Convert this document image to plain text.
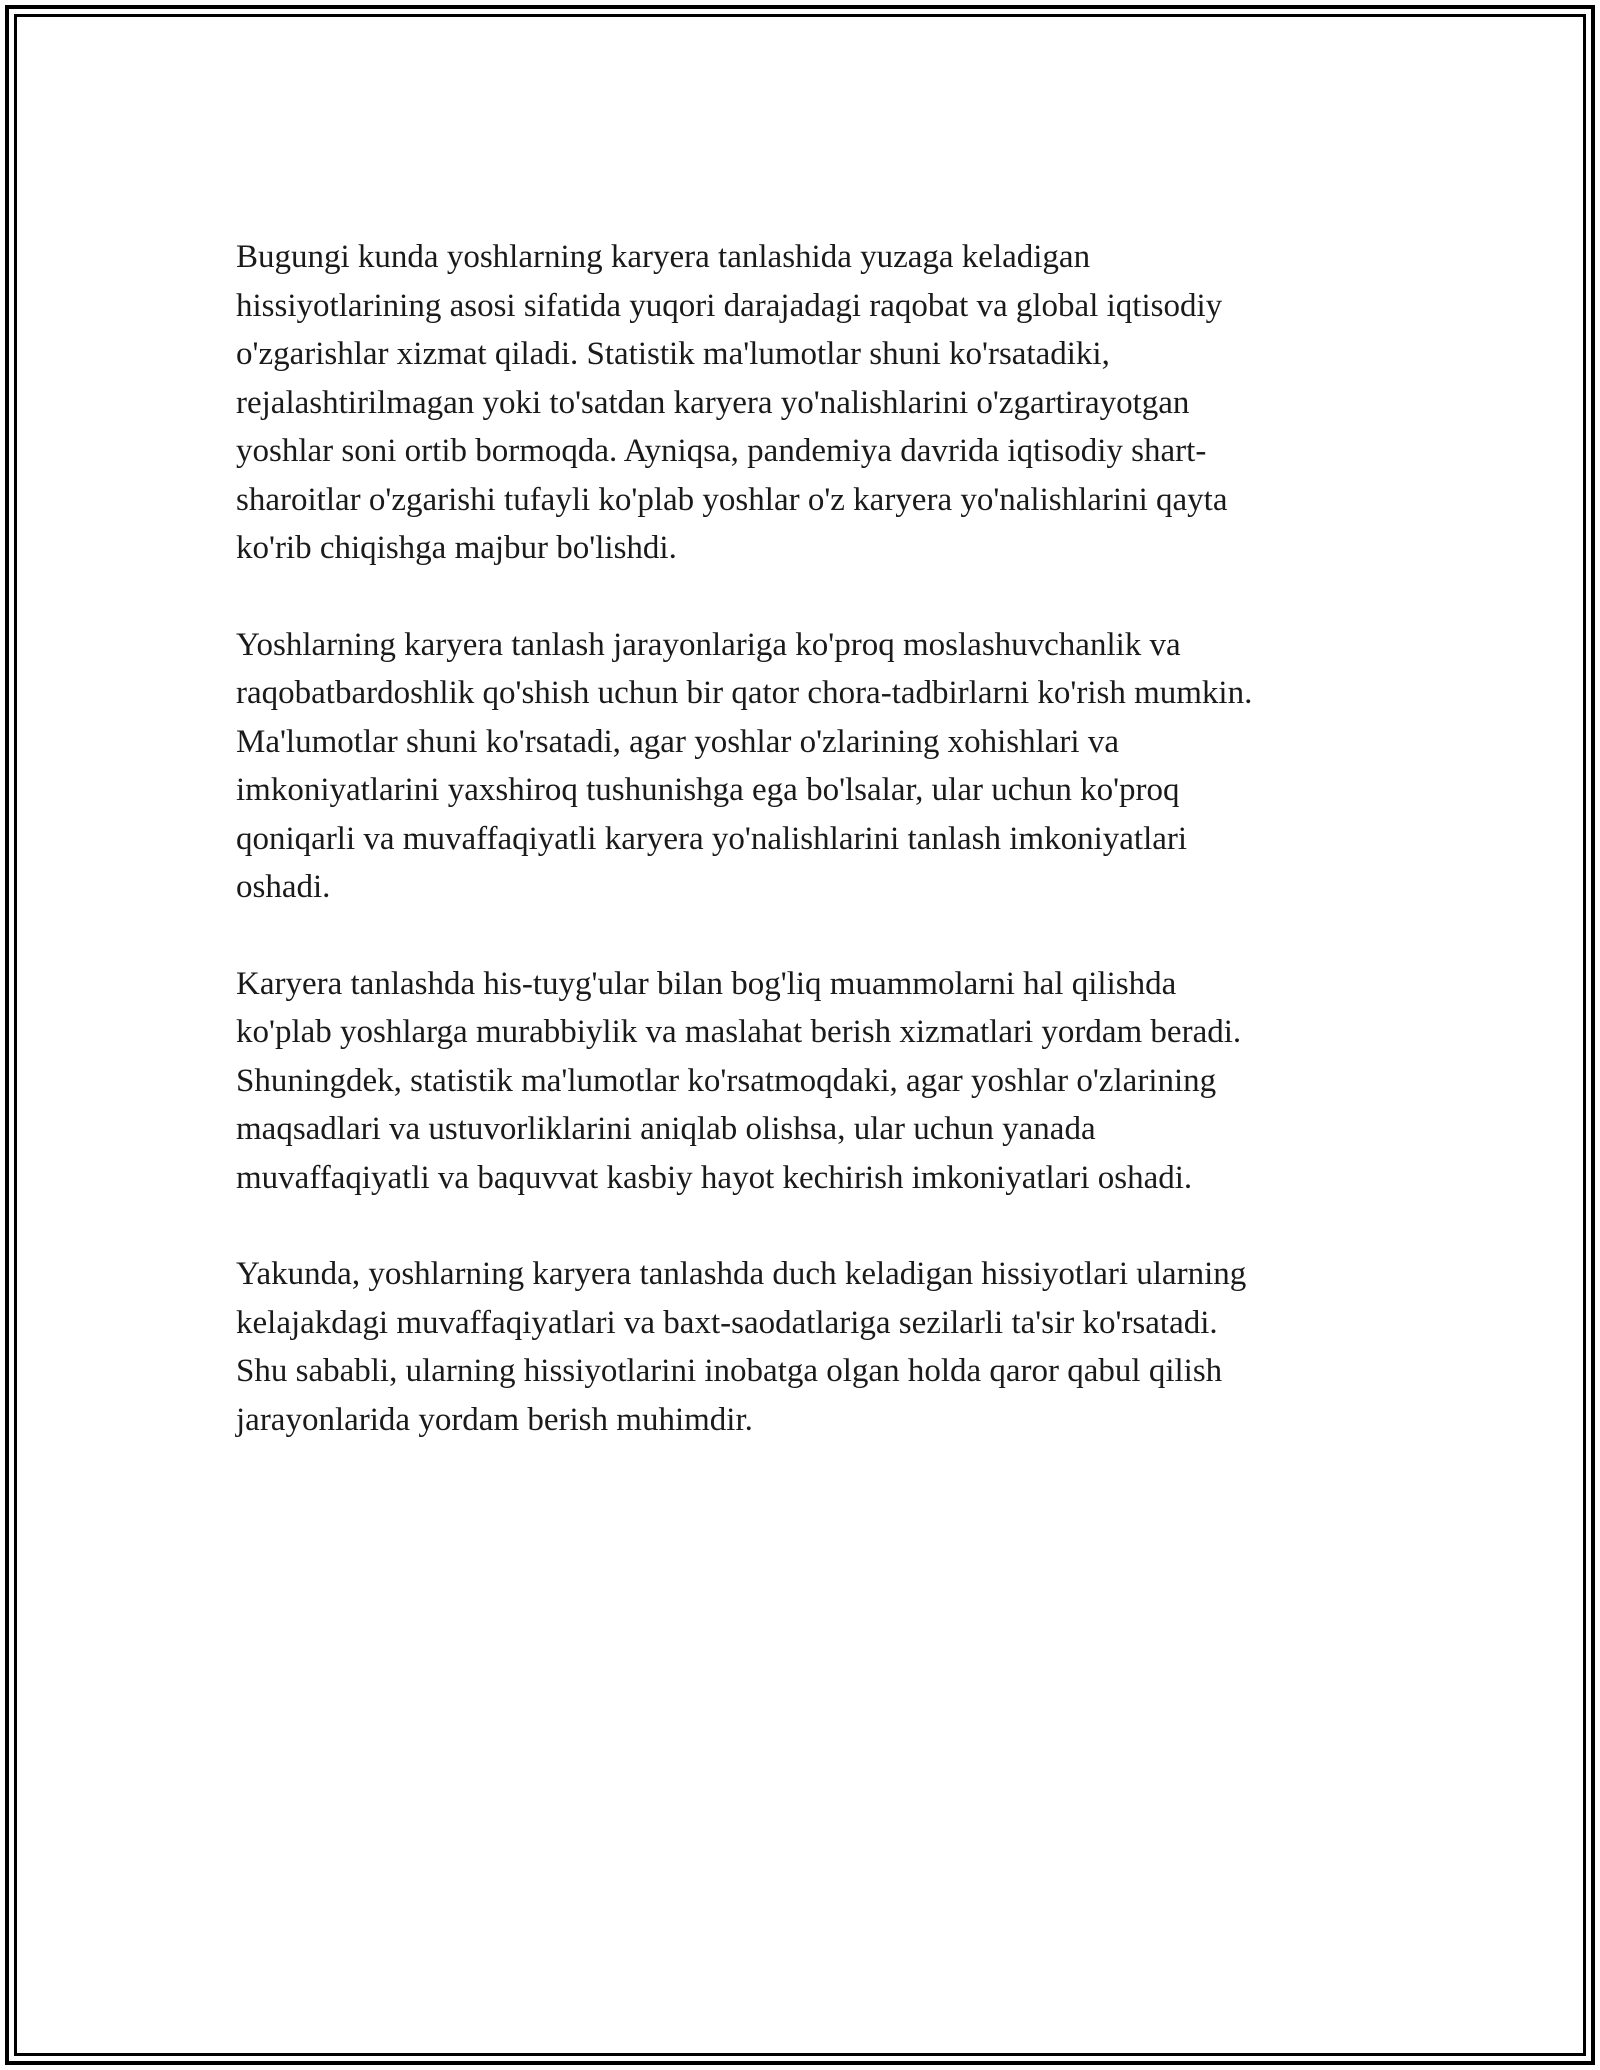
Bugungi kunda yoshlarning karyera tanlashida yuzaga keladigan
hissiyotlarining asosi sifatida yuqori darajadagi raqobat va global iqtisodiy
o'zgarishlar xizmat qiladi. Statistik ma'lumotlar shuni ko'rsatadiki,
rejalashtirilmagan yoki to'satdan karyera yo'nalishlarini o'zgartirayotgan
yoshlar soni ortib bormoqda. Ayniqsa, pandemiya davrida iqtisodiy shart-
sharoitlar o'zgarishi tufayli ko'plab yoshlar o'z karyera yo'nalishlarini qayta
ko'rib chiqishga majbur bo'lishdi.

Yoshlarning karyera tanlash jarayonlariga ko'proq moslashuvchanlik va
raqobatbardoshlik qo'shish uchun bir qator chora-tadbirlarni ko'rish mumkin.
Ma'lumotlar shuni ko'rsatadi, agar yoshlar o'zlarining xohishlari va
imkoniyatlarini yaxshiroq tushunishga ega bo'lsalar, ular uchun ko'proq
qoniqarli va muvaffaqiyatli karyera yo'nalishlarini tanlash imkoniyatlari
oshadi.

Karyera tanlashda his-tuyg'ular bilan bog'liq muammolarni hal qilishda
ko'plab yoshlarga murabbiylik va maslahat berish xizmatlari yordam beradi.
Shuningdek, statistik ma'lumotlar ko'rsatmoqdaki, agar yoshlar o'zlarining
maqsadlari va ustuvorliklarini aniqlab olishsa, ular uchun yanada
muvaffaqiyatli va baquvvat kasbiy hayot kechirish imkoniyatlari oshadi.

Yakunda, yoshlarning karyera tanlashda duch keladigan hissiyotlari ularning
kelajakdagi muvaffaqiyatlari va baxt-saodatlariga sezilarli ta'sir ko'rsatadi.
Shu sababli, ularning hissiyotlarini inobatga olgan holda qaror qabul qilish
jarayonlarida yordam berish muhimdir.
